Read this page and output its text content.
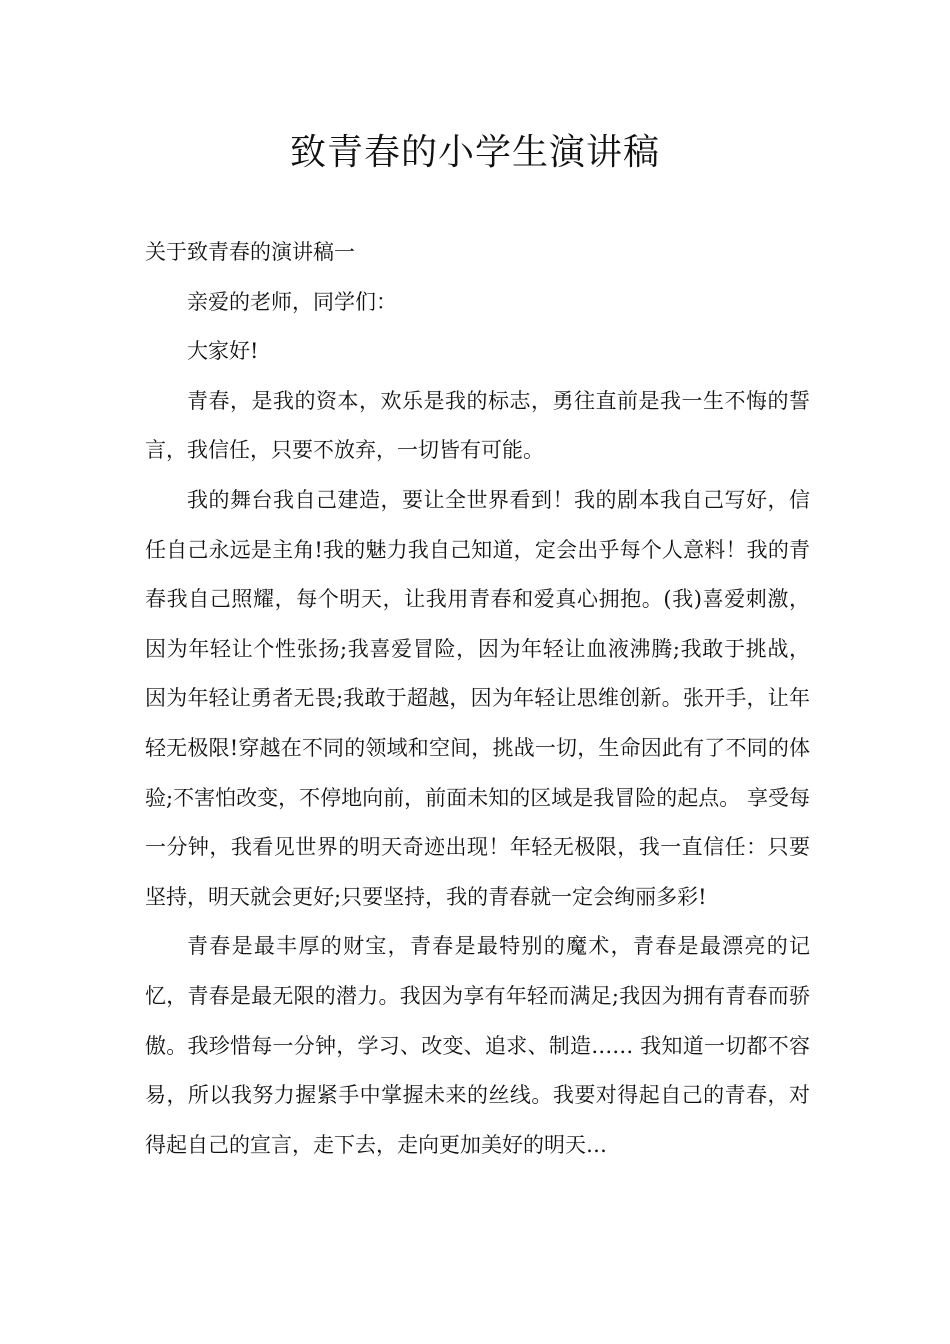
致青春的小学生演讲稿

关于致青春的演讲稿一

亲爱的老师，同学们：

大家好!

青春，是我的资本，欢乐是我的标志，勇往直前是我一生不悔的誓言，我信任，只要不放弃，一切皆有可能。

我的舞台我自己建造，要让全世界看到！我的剧本我自己写好，信任自己永远是主角!我的魅力我自己知道，定会出乎每个人意料！我的青春我自己照耀，每个明天，让我用青春和爱真心拥抱。(我)喜爱刺激，因为年轻让个性张扬;我喜爱冒险，因为年轻让血液沸腾;我敢于挑战，因为年轻让勇者无畏;我敢于超越，因为年轻让思维创新。张开手，让年轻无极限!穿越在不同的领域和空间，挑战一切，生命因此有了不同的体验;不害怕改变，不停地向前，前面未知的区域是我冒险的起点。 享受每一分钟，我看见世界的明天奇迹出现！年轻无极限，我一直信任：只要坚持，明天就会更好;只要坚持，我的青春就一定会绚丽多彩!

青春是最丰厚的财宝，青春是最特别的魔术，青春是最漂亮的记忆，青春是最无限的潜力。我因为享有年轻而满足;我因为拥有青春而骄傲。我珍惜每一分钟，学习、改变、追求、制造…… 我知道一切都不容易，所以我努力握紧手中掌握未来的丝线。我要对得起自己的青春，对得起自己的宣言，走下去，走向更加美好的明天…
